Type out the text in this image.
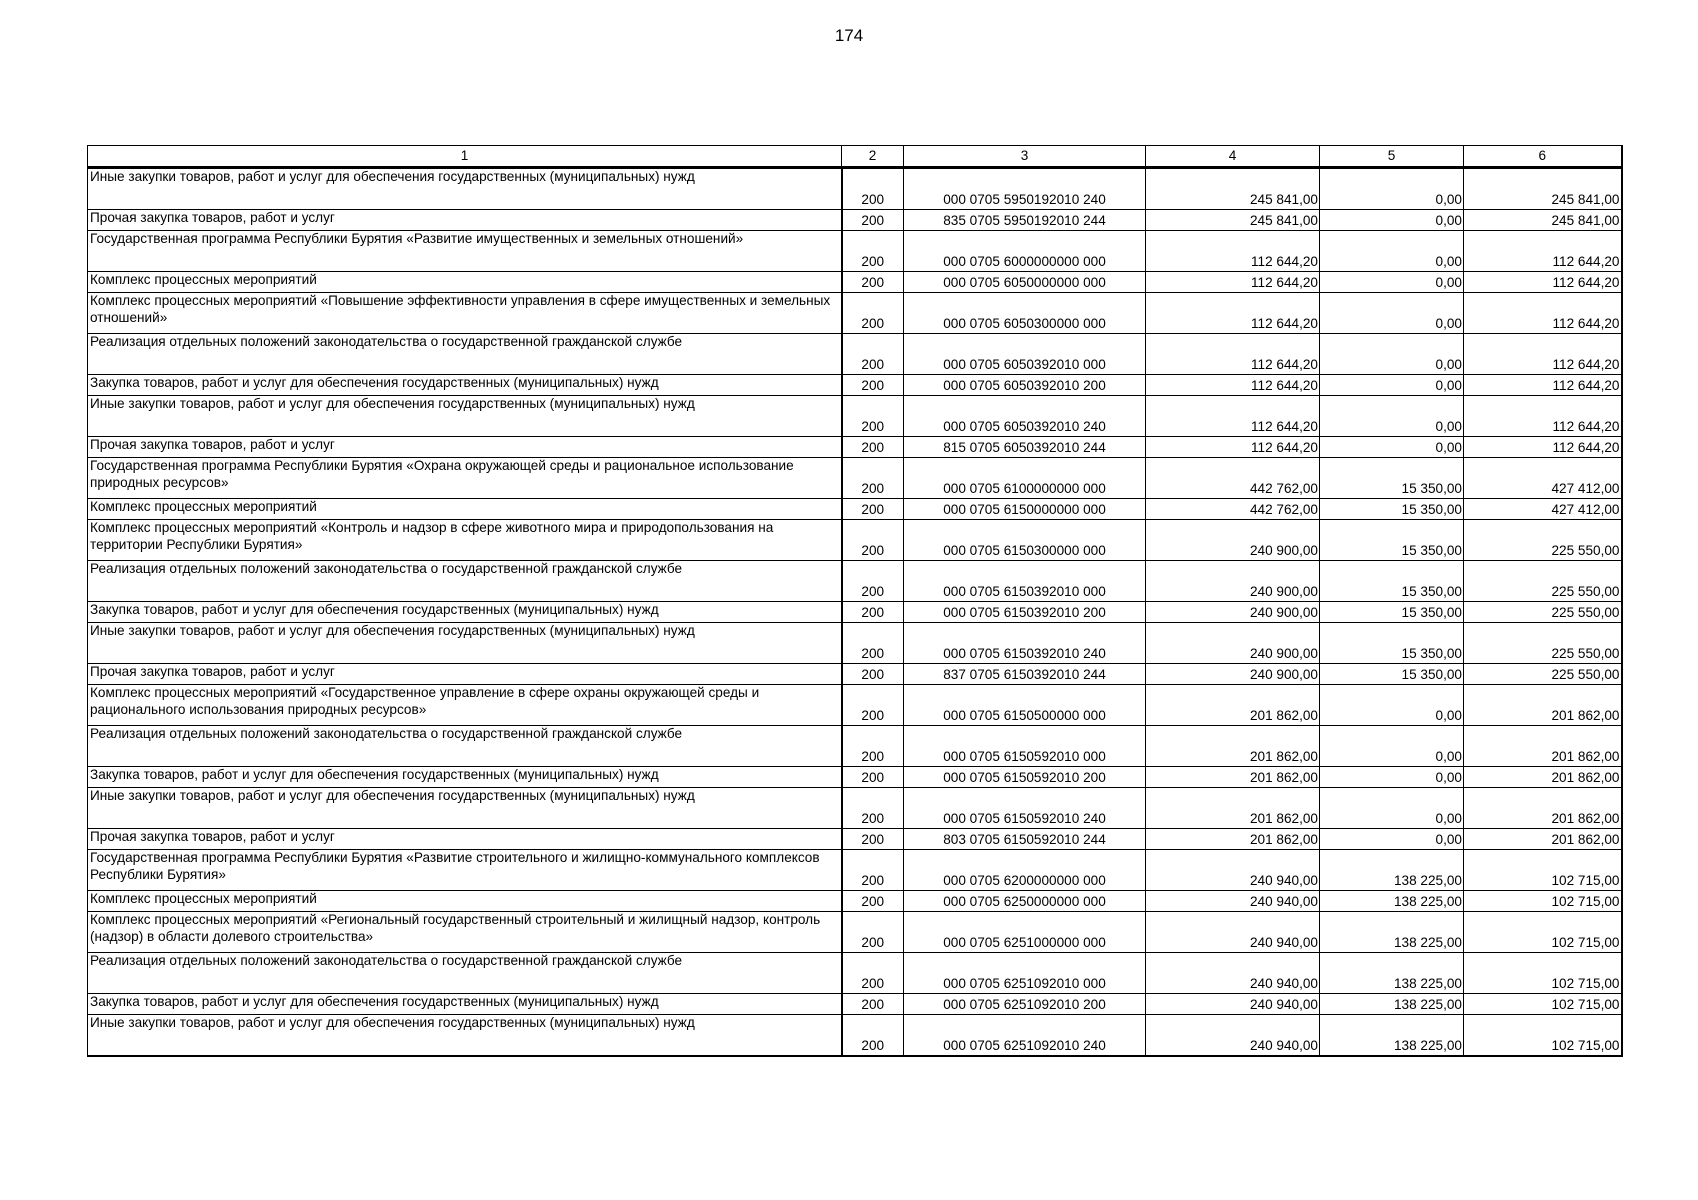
174
1	2	3	4	5	6
Иные закупки товаров, работ и услуг для обеспечения государственных (муниципальных) нужд	200	000 0705 5950192010 240	245 841,00	0,00	245 841,00
Прочая закупка товаров, работ и услуг	200	835 0705 5950192010 244	245 841,00	0,00	245 841,00
Государственная программа Республики Бурятия «Развитие имущественных и земельных отношений»	200	000 0705 6000000000 000	112 644,20	0,00	112 644,20
Комплекс процессных мероприятий	200	000 0705 6050000000 000	112 644,20	0,00	112 644,20
Комплекс процессных мероприятий «Повышение эффективности управления в сфере имущественных и земельных отношений»	200	000 0705 6050300000 000	112 644,20	0,00	112 644,20
Реализация отдельных положений законодательства о государственной гражданской службе	200	000 0705 6050392010 000	112 644,20	0,00	112 644,20
Закупка товаров, работ и услуг для обеспечения государственных (муниципальных) нужд	200	000 0705 6050392010 200	112 644,20	0,00	112 644,20
Иные закупки товаров, работ и услуг для обеспечения государственных (муниципальных) нужд	200	000 0705 6050392010 240	112 644,20	0,00	112 644,20
Прочая закупка товаров, работ и услуг	200	815 0705 6050392010 244	112 644,20	0,00	112 644,20
Государственная программа Республики Бурятия «Охрана окружающей среды и рациональное использование природных ресурсов»	200	000 0705 6100000000 000	442 762,00	15 350,00	427 412,00
Комплекс процессных мероприятий	200	000 0705 6150000000 000	442 762,00	15 350,00	427 412,00
Комплекс процессных мероприятий «Контроль и надзор в сфере животного мира и природопользования на территории Республики Бурятия»	200	000 0705 6150300000 000	240 900,00	15 350,00	225 550,00
Реализация отдельных положений законодательства о государственной гражданской службе	200	000 0705 6150392010 000	240 900,00	15 350,00	225 550,00
Закупка товаров, работ и услуг для обеспечения государственных (муниципальных) нужд	200	000 0705 6150392010 200	240 900,00	15 350,00	225 550,00
Иные закупки товаров, работ и услуг для обеспечения государственных (муниципальных) нужд	200	000 0705 6150392010 240	240 900,00	15 350,00	225 550,00
Прочая закупка товаров, работ и услуг	200	837 0705 6150392010 244	240 900,00	15 350,00	225 550,00
Комплекс процессных мероприятий «Государственное управление в сфере охраны окружающей среды и рационального использования природных ресурсов»	200	000 0705 6150500000 000	201 862,00	0,00	201 862,00
Реализация отдельных положений законодательства о государственной гражданской службе	200	000 0705 6150592010 000	201 862,00	0,00	201 862,00
Закупка товаров, работ и услуг для обеспечения государственных (муниципальных) нужд	200	000 0705 6150592010 200	201 862,00	0,00	201 862,00
Иные закупки товаров, работ и услуг для обеспечения государственных (муниципальных) нужд	200	000 0705 6150592010 240	201 862,00	0,00	201 862,00
Прочая закупка товаров, работ и услуг	200	803 0705 6150592010 244	201 862,00	0,00	201 862,00
Государственная программа Республики Бурятия «Развитие строительного и жилищно-коммунального комплексов Республики Бурятия»	200	000 0705 6200000000 000	240 940,00	138 225,00	102 715,00
Комплекс процессных мероприятий	200	000 0705 6250000000 000	240 940,00	138 225,00	102 715,00
Комплекс процессных мероприятий «Региональный государственный строительный и жилищный надзор, контроль (надзор) в области долевого строительства»	200	000 0705 6251000000 000	240 940,00	138 225,00	102 715,00
Реализация отдельных положений законодательства о государственной гражданской службе	200	000 0705 6251092010 000	240 940,00	138 225,00	102 715,00
Закупка товаров, работ и услуг для обеспечения государственных (муниципальных) нужд	200	000 0705 6251092010 200	240 940,00	138 225,00	102 715,00
Иные закупки товаров, работ и услуг для обеспечения государственных (муниципальных) нужд	200	000 0705 6251092010 240	240 940,00	138 225,00	102 715,00
